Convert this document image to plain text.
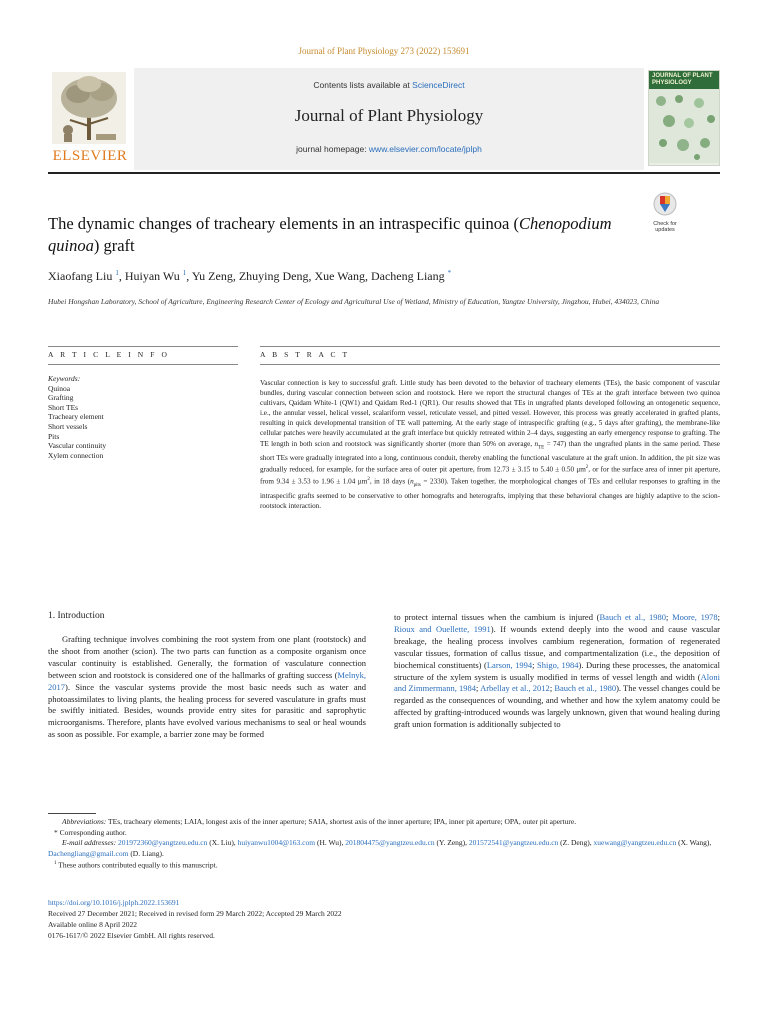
Journal of Plant Physiology 273 (2022) 153691
ELSEVIER
Contents lists available at ScienceDirect
Journal of Plant Physiology
journal homepage: www.elsevier.com/locate/jplph
JOURNAL OF PLANT PHYSIOLOGY
Check for updates
The dynamic changes of tracheary elements in an intraspecific quinoa (Chenopodium quinoa) graft
Xiaofang Liu $^1$, Huiyan Wu $^1$, Yu Zeng, Zhuying Deng, Xue Wang, Dacheng Liang *
Hubei Hongshan Laboratory, School of Agriculture, Engineering Research Center of Ecology and Agricultural Use of Wetland, Ministry of Education, Yangtze University, Jingzhou, Hubei, 434023, China
A R T I C L E I N F O	A B S T R A C T
Keywords:
Quinoa
Grafting
Short TEs
Tracheary element
Short vessels
Pits
Vascular continuity
Xylem connection
Vascular connection is key to successful graft. Little study has been devoted to the behavior of tracheary elements (TEs), the basic component of vascular bundles, during vascular connection between scion and rootstock. Here we report the structural changes of TEs at the graft interface between two quinoa cultivars, Qaidam White-1 (QW1) and Qaidam Red-1 (QR1). Our results showed that TEs in ungrafted plants developed following an ontogenetic sequence, i.e., the annular vessel, helical vessel, scalariform vessel, reticulate vessel, and pitted vessel. However, this process was greatly accelerated in grafted plants, resulting in quick developmental transition of TE wall patterning. At the early stage of intraspecific grafting (e.g., 5 days after grafting), the membrane-like cellular patches were heavily accumulated at the graft interface but quickly retreated within 2–4 days, suggesting an early emergency response to grafting. The TE length in both scion and rootstock was significantly shorter (more than 50% on average, $n_{TE} = 747$) than the ungrafted plants in the same period. These short TEs were gradually integrated into a long, continuous conduit, thereby enabling the functional vasculature at the graft union. In addition, the pit size was gradually reduced, for example, for the surface area of outer pit aperture, from 12.73 ± 3.15 to 5.40 ± 0.50 $\mu m^2$, or for the surface area of inner pit aperture, from 9.34 ± 3.53 to 1.96 ± 1.04 $\mu m^2$, in 18 days $(n_{pits} = 2330)$. Taken together, the morphological changes of TEs and cellular responses to grafting in the intraspecific grafts seemed to be conservative to other homografts and heterografts, implying that these behavioral changes are highly adaptive to the scion-rootstock interaction.
1. Introduction
Grafting technique involves combining the root system from one plant (rootstock) and the shoot from another (scion). The two parts can function as a composite organism once vascular continuity is established. Generally, the formation of vasculature connection between scion and rootstock is considered one of the hallmarks of grafting success (Melnyk, 2017). Since the vascular systems provide the most basic needs such as water and photoassimilates to living plants, the healing process for severed vasculature in grafts must be swiftly initiated. Besides, wounds provide entry sites for parasitic and saprophytic microorganisms. Therefore, plants have evolved various mechanisms to seal or heal wounds as soon as possible. For example, a barrier zone may be formed
to protect internal tissues when the cambium is injured (Bauch et al., 1980; Moore, 1978; Rioux and Ouellette, 1991). If wounds extend deeply into the wood and cause vascular breakage, the healing process involves cambium regeneration, formation of regenerated vascular tissues, formation of callus tissue, and compartmentalization (i.e., the deposition of biochemical constituents) (Larson, 1994; Shigo, 1984). During these processes, the anatomical structure of the xylem system is usually modified in terms of vessel length and width (Aloni and Zimmermann, 1984; Arbellay et al., 2012; Bauch et al., 1980). The vessel changes could be regarded as the consequences of wounding, and whether and how the xylem anatomy could be affected by grafting-introduced wounds was largely unknown, given that wound healing during graft union formation is additionally subjected to
Abbreviations: TEs, tracheary elements; LAIA, longest axis of the inner aperture; SAIA, shortest axis of the inner aperture; IPA, inner pit aperture; OPA, outer pit aperture.
* Corresponding author.
E-mail addresses: 201972360@yangtzeu.edu.cn (X. Liu), huiyanwu1004@163.com (H. Wu), 201804475@yangtzeu.edu.cn (Y. Zeng), 201572541@yangtzeu.edu.cn (Z. Deng), xuewang@yangtzeu.edu.cn (X. Wang), Dachengliang@gmail.com (D. Liang).
$^1$ These authors contributed equally to this manuscript.
https://doi.org/10.1016/j.jplph.2022.153691
Received 27 December 2021; Received in revised form 29 March 2022; Accepted 29 March 2022
Available online 8 April 2022
0176-1617/© 2022 Elsevier GmbH. All rights reserved.
